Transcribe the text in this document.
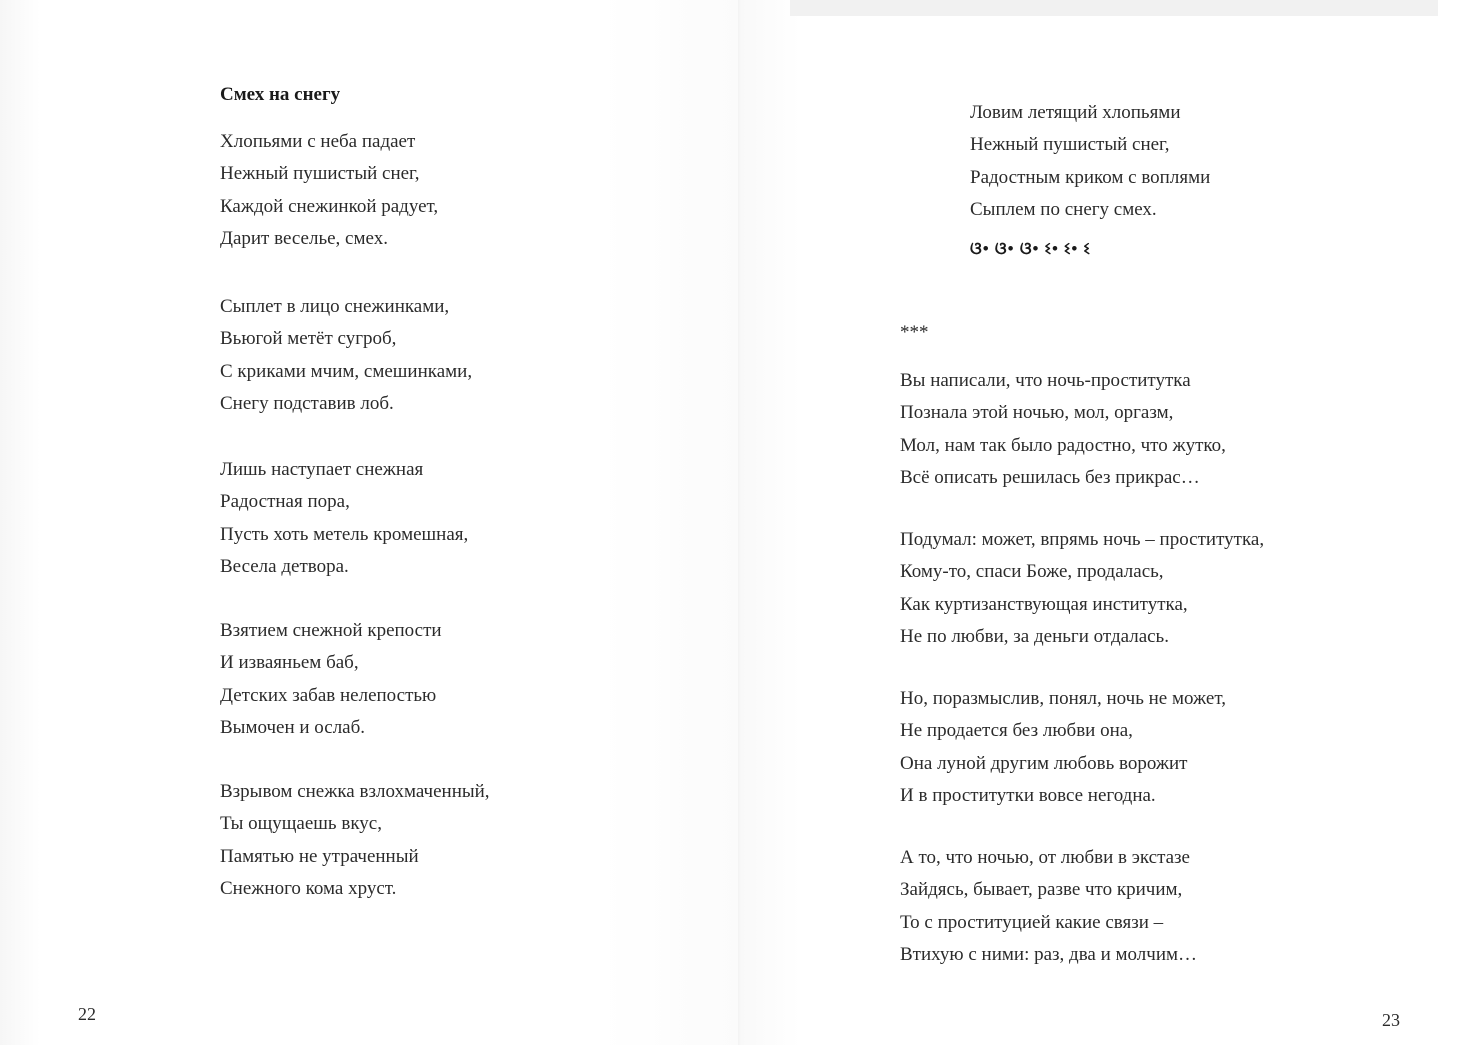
Смех на снегу
Хлопьями с неба падает
Нежный пушистый снег,
Каждой снежинкой радует,
Дарит веселье, смех.
Сыплет в лицо снежинками,
Вьюгой метёт сугроб,
С криками мчим, смешинками,
Снегу подставив лоб.
Лишь наступает снежная
Радостная пора,
Пусть хоть метель кромешная,
Весела детвора.
Взятием снежной крепости
И изваяньем баб,
Детских забав нелепостью
Вымочен и ослаб.
Взрывом снежка взлохмаченный,
Ты ощущаешь вкус,
Памятью не утраченный
Снежного кома хруст.
22
Ловим летящий хлопьями
Нежный пушистый снег,
Радостным криком с воплями
Сыплем по снегу смех.
ଓ• ଓ• ଓ• ଽ• ଽ• ଽ
***
Вы написали, что ночь-проститутка
Познала этой ночью, мол, оргазм,
Мол, нам так было радостно, что жутко,
Всё описать решилась без прикрас…
Подумал: может, впрямь ночь – проститутка,
Кому-то, спаси Боже, продалась,
Как куртизанствующая институтка,
Не по любви, за деньги отдалась.
Но, поразмыслив, понял, ночь не может,
Не продается без любви она,
Она луной другим любовь ворожит
И в проститутки вовсе негодна.
А то, что ночью, от любви в экстазе
Зайдясь, бывает, разве что кричим,
То с проституцией какие связи –
Втихую с ними: раз, два и молчим…
23
